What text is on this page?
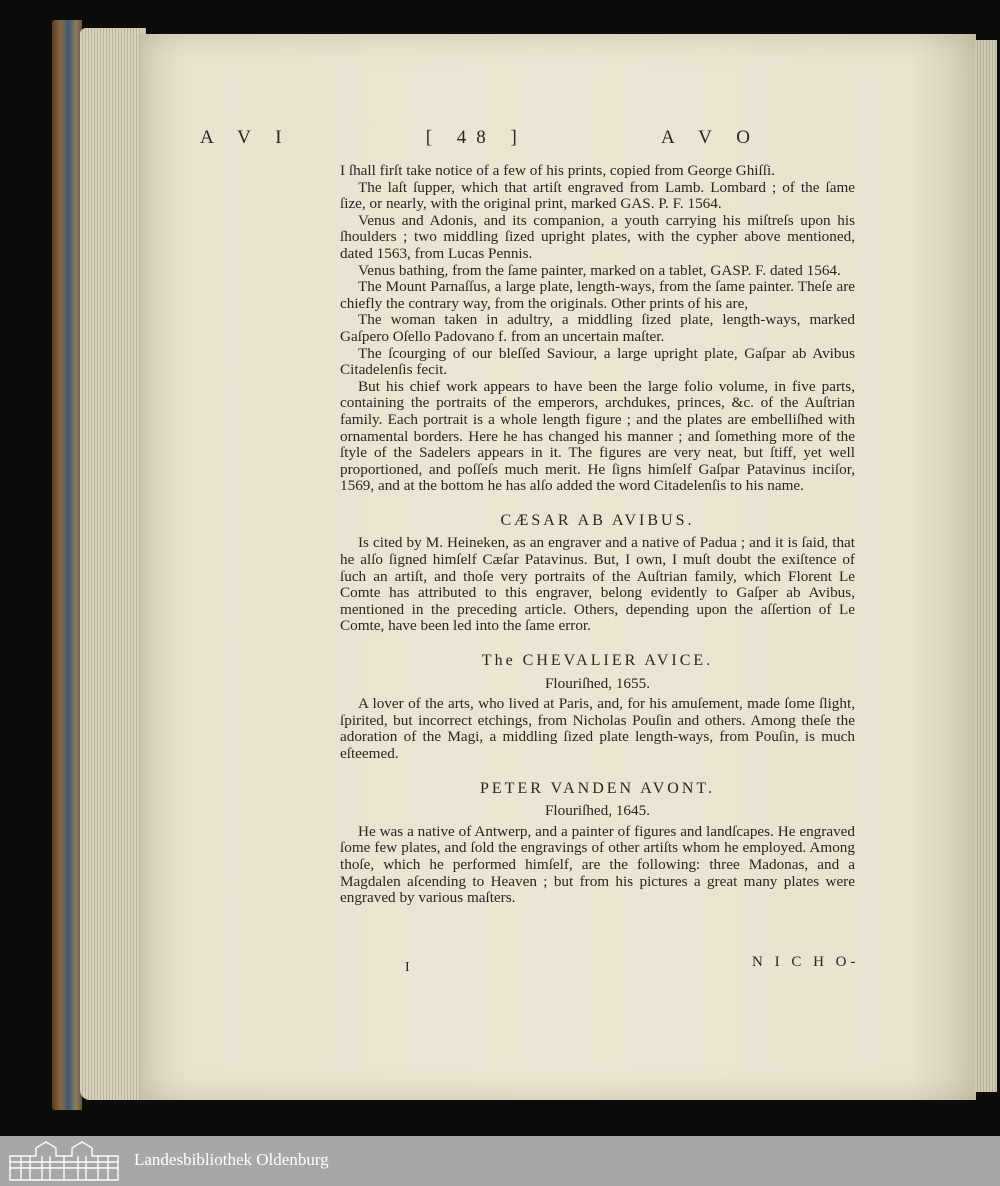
A V I	[ 48 ]	A V O

I ſhall firſt take notice of a few of his prints, copied from George Ghiſſi.

The laſt ſupper, which that artiſt engraved from Lamb. Lombard ; of the ſame ſize, or nearly, with the original print, marked GAS. P. F. 1564.

Venus and Adonis, and its companion, a youth carrying his miſtreſs upon his ſhoulders ; two middling ſized upright plates, with the cypher above mentioned, dated 1563, from Lucas Pennis.

Venus bathing, from the ſame painter, marked on a tablet, GASP. F. dated 1564.

The Mount Parnaſſus, a large plate, length-ways, from the ſame painter. Theſe are chiefly the contrary way, from the originals. Other prints of his are,

The woman taken in adultry, a middling ſized plate, length-ways, marked Gaſpero Oſello Padovano f. from an uncertain maſter.

The ſcourging of our bleſſed Saviour, a large upright plate, Gaſpar ab Avibus Citadelenſis fecit.

But his chief work appears to have been the large folio volume, in five parts, containing the portraits of the emperors, archdukes, princes, &c. of the Auſtrian family. Each portrait is a whole length figure ; and the plates are embelliſhed with ornamental borders. Here he has changed his manner ; and ſomething more of the ſtyle of the Sadelers appears in it. The figures are very neat, but ſtiff, yet well proportioned, and poſſeſs much merit. He ſigns himſelf Gaſpar Patavinus inciſor, 1569, and at the bottom he has alſo added the word Citadelenſis to his name.

CÆSAR AB AVIBUS.

Is cited by M. Heineken, as an engraver and a native of Padua ; and it is ſaid, that he alſo ſigned himſelf Cæſar Patavinus. But, I own, I muſt doubt the exiſtence of ſuch an artiſt, and thoſe very portraits of the Auſtrian family, which Florent Le Comte has attributed to this engraver, belong evidently to Gaſper ab Avibus, mentioned in the preceding article. Others, depending upon the aſſertion of Le Comte, have been led into the ſame error.

The CHEVALIER AVICE.
Flouriſhed, 1655.

A lover of the arts, who lived at Paris, and, for his amuſement, made ſome ſlight, ſpirited, but incorrect etchings, from Nicholas Pouſin and others. Among theſe the adoration of the Magi, a middling ſized plate length-ways, from Pouſin, is much eſteemed.

PETER VANDEN AVONT.
Flouriſhed, 1645.

He was a native of Antwerp, and a painter of figures and landſcapes. He engraved ſome few plates, and ſold the engravings of other artiſts whom he employed. Among thoſe, which he performed himſelf, are the following: three Madonas, and a Magdalen aſcending to Heaven ; but from his pictures a great many plates were engraved by various maſters.

I	N I C H O-
Landesbibliothek Oldenburg
